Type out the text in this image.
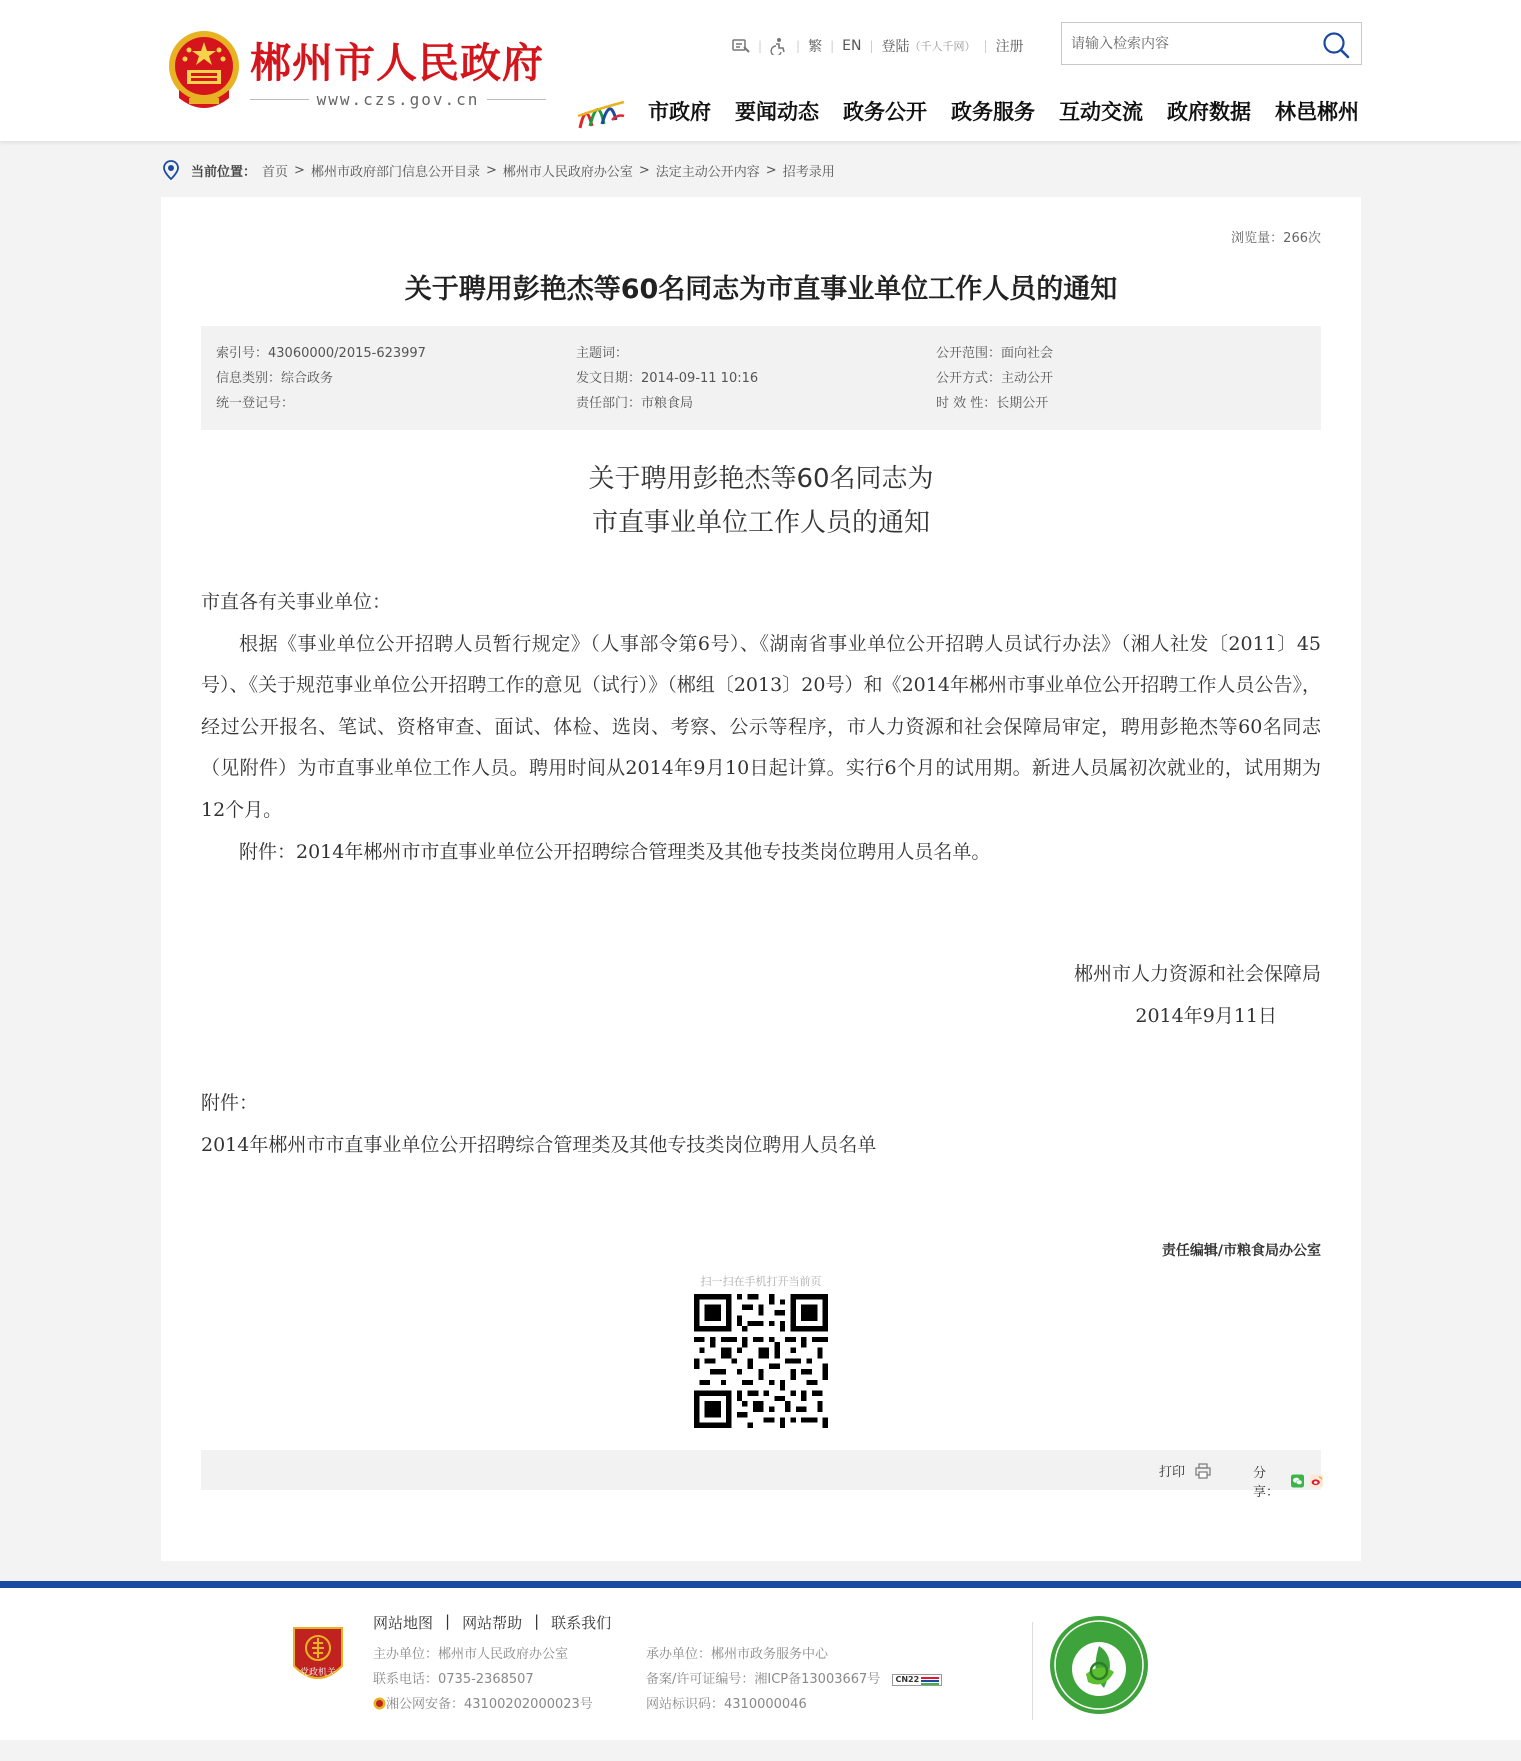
郴州市人民政府
www.czs.gov.cn
|	| 繁 | EN | 登陆 （千人千网） | 注册
请输入检索内容
市政府 要闻动态 政务公开 政务服务 互动交流 政府数据 林邑郴州
当前位置： 首页 > 郴州市政府部门信息公开目录 > 郴州市人民政府办公室 > 法定主动公开内容 > 招考录用
浏览量：266次
关于聘用彭艳杰等60名同志为市直事业单位工作人员的通知
索引号：43060000/2015-623997
信息类别：综合政务
统一登记号：
主题词：
发文日期：2014-09-11 10:16
责任部门：市粮食局
公开范围：面向社会
公开方式：主动公开
时 效 性：长期公开
关于聘用彭艳杰等60名同志为
市直事业单位工作人员的通知

市直各有关事业单位：

根据《事业单位公开招聘人员暂行规定》（人事部令第6号）、《湖南省事业单位公开招聘人员试行办法》（湘人社发〔2011〕45号）、《关于规范事业单位公开招聘工作的意见（试行）》（郴组〔2013〕20号）和《2014年郴州市事业单位公开招聘工作人员公告》，经过公开报名、笔试、资格审查、面试、体检、选岗、考察、公示等程序，市人力资源和社会保障局审定，聘用彭艳杰等60名同志（见附件）为市直事业单位工作人员。聘用时间从2014年9月10日起计算。实行6个月的试用期。新进人员属初次就业的，试用期为12个月。

附件：2014年郴州市市直事业单位公开招聘综合管理类及其他专技类岗位聘用人员名单。

郴州市人力资源和社会保障局
2014年9月11日
附件：
2014年郴州市市直事业单位公开招聘综合管理类及其他专技类岗位聘用人员名单
责任编辑/市粮食局办公室
扫一扫在手机打开当前页
打印	分享：
党政机关
网站地图 | 网站帮助 | 联系我们
主办单位：郴州市人民政府办公室
联系电话：0735-2368507
湘公网安备：43100202000023号
承办单位：郴州市政务服务中心
备案/许可证编号：湘ICP备13003667号 CN22
网站标识码：4310000046
